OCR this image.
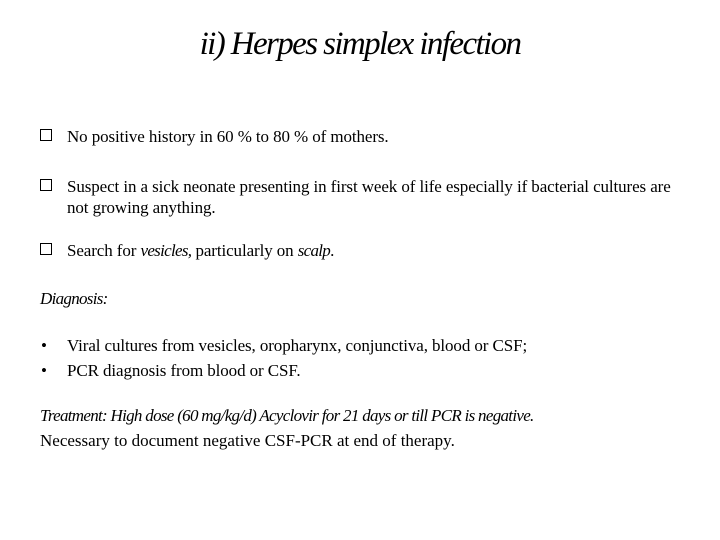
ii) Herpes simplex infection
No positive history in 60 % to 80 % of mothers.
Suspect in a sick neonate presenting in first week of life especially if bacterial cultures are not growing anything.
Search for vesicles, particularly on scalp.
Diagnosis:
• Viral cultures from vesicles, oropharynx, conjunctiva, blood or CSF;
• PCR diagnosis from blood or CSF.
Treatment: High dose (60 mg/kg/d) Acyclovir for 21 days or till PCR is negative.
Necessary to document negative CSF-PCR at end of therapy.
